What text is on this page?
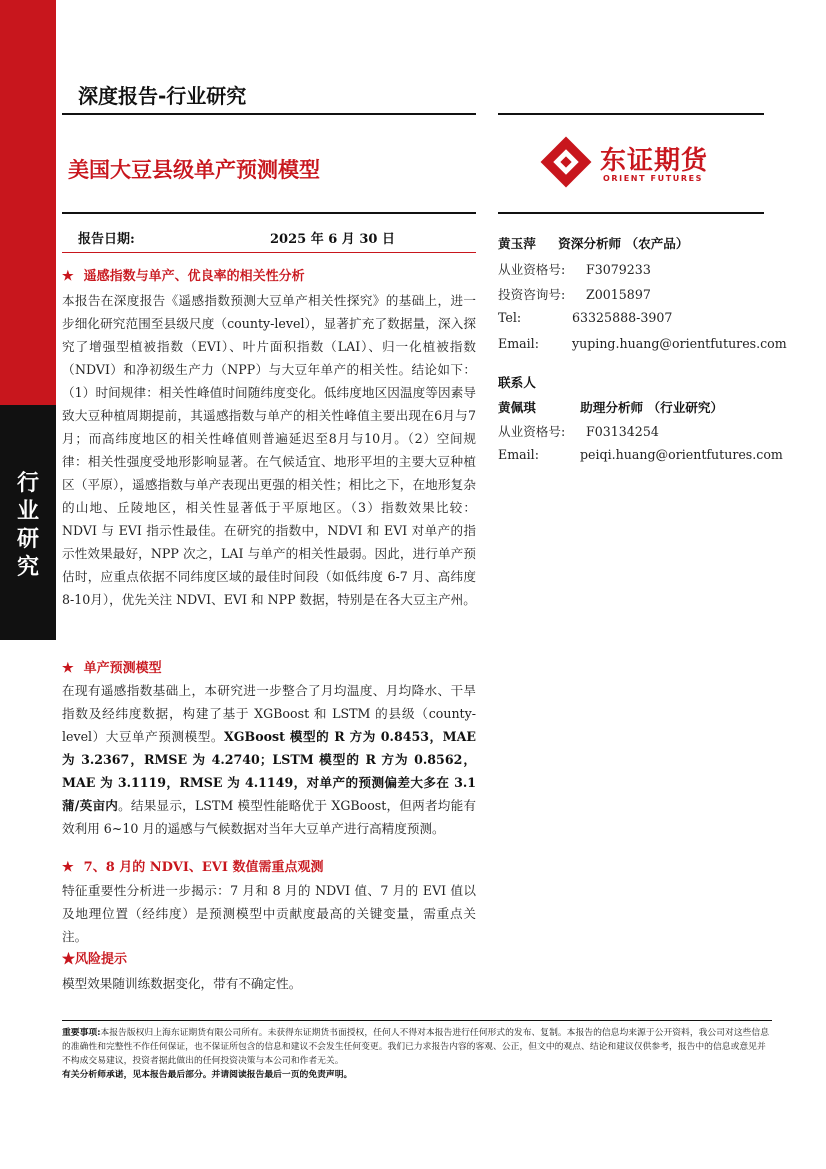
行
业
研
究
深度报告-行业研究
美国大豆县级单产预测模型	东证期货
ORIENT FUTURES
报告日期:	2025 年 6 月 30 日
★ 遥感指数与单产、优良率的相关性分析
本报告在深度报告《遥感指数预测大豆单产相关性探究》的基础上，进一步细化研究范围至县级尺度（county-level），显著扩充了数据量，深入探究了增强型植被指数（EVI）、叶片面积指数（LAI）、归一化植被指数（NDVI）和净初级生产力（NPP）与大豆年单产的相关性。结论如下：（1）时间规律：相关性峰值时间随纬度变化。低纬度地区因温度等因素导致大豆种植周期提前，其遥感指数与单产的相关性峰值主要出现在6月与7月；而高纬度地区的相关性峰值则普遍延迟至8月与10月。（2）空间规律：相关性强度受地形影响显著。在气候适宜、地形平坦的主要大豆种植区（平原），遥感指数与单产表现出更强的相关性；相比之下，在地形复杂的山地、丘陵地区，相关性显著低于平原地区。（3）指数效果比较：NDVI 与 EVI 指示性最佳。在研究的指数中，NDVI 和 EVI 对单产的指示性效果最好，NPP 次之，LAI 与单产的相关性最弱。因此，进行单产预估时，应重点依据不同纬度区域的最佳时间段（如低纬度 6-7 月、高纬度 8-10月），优先关注 NDVI、EVI 和 NPP 数据，特别是在各大豆主产州。
★ 单产预测模型
在现有遥感指数基础上，本研究进一步整合了月均温度、月均降水、干旱指数及经纬度数据，构建了基于 XGBoost 和 LSTM 的县级（county-level）大豆单产预测模型。XGBoost 模型的 R 方为 0.8453，MAE 为 3.2367，RMSE 为 4.2740；LSTM 模型的 R 方为 0.8562，MAE 为 3.1119，RMSE 为 4.1149，对单产的预测偏差大多在 3.1 蒲/英亩内。结果显示，LSTM 模型性能略优于 XGBoost，但两者均能有效利用 6~10 月的遥感与气候数据对当年大豆单产进行高精度预测。
★ 7、8 月的 NDVI、EVI 数值需重点观测
特征重要性分析进一步揭示：7 月和 8 月的 NDVI 值、7 月的 EVI 值以及地理位置（经纬度）是预测模型中贡献度最高的关键变量，需重点关注。
★风险提示
模型效果随训练数据变化，带有不确定性。
黄玉萍 资深分析师 （农产品）
从业资格号: F3079233
投资咨询号: Z0015897
Tel:	63325888-3907
Email:	yuping.huang@orientfutures.com
联系人
黄佩琪	助理分析师 （行业研究）
从业资格号: F03134254
Email:	peiqi.huang@orientfutures.com
重要事项:本报告版权归上海东证期货有限公司所有。未获得东证期货书面授权，任何人不得对本报告进行任何形式的发布、复制。本报告的信息均来源于公开资料，我公司对这些信息的准确性和完整性不作任何保证，也不保证所包含的信息和建议不会发生任何变更。我们已力求报告内容的客观、公正，但文中的观点、结论和建议仅供参考，报告中的信息或意见并不构成交易建议，投资者据此做出的任何投资决策与本公司和作者无关。
有关分析师承诺，见本报告最后部分。并请阅读报告最后一页的免责声明。
